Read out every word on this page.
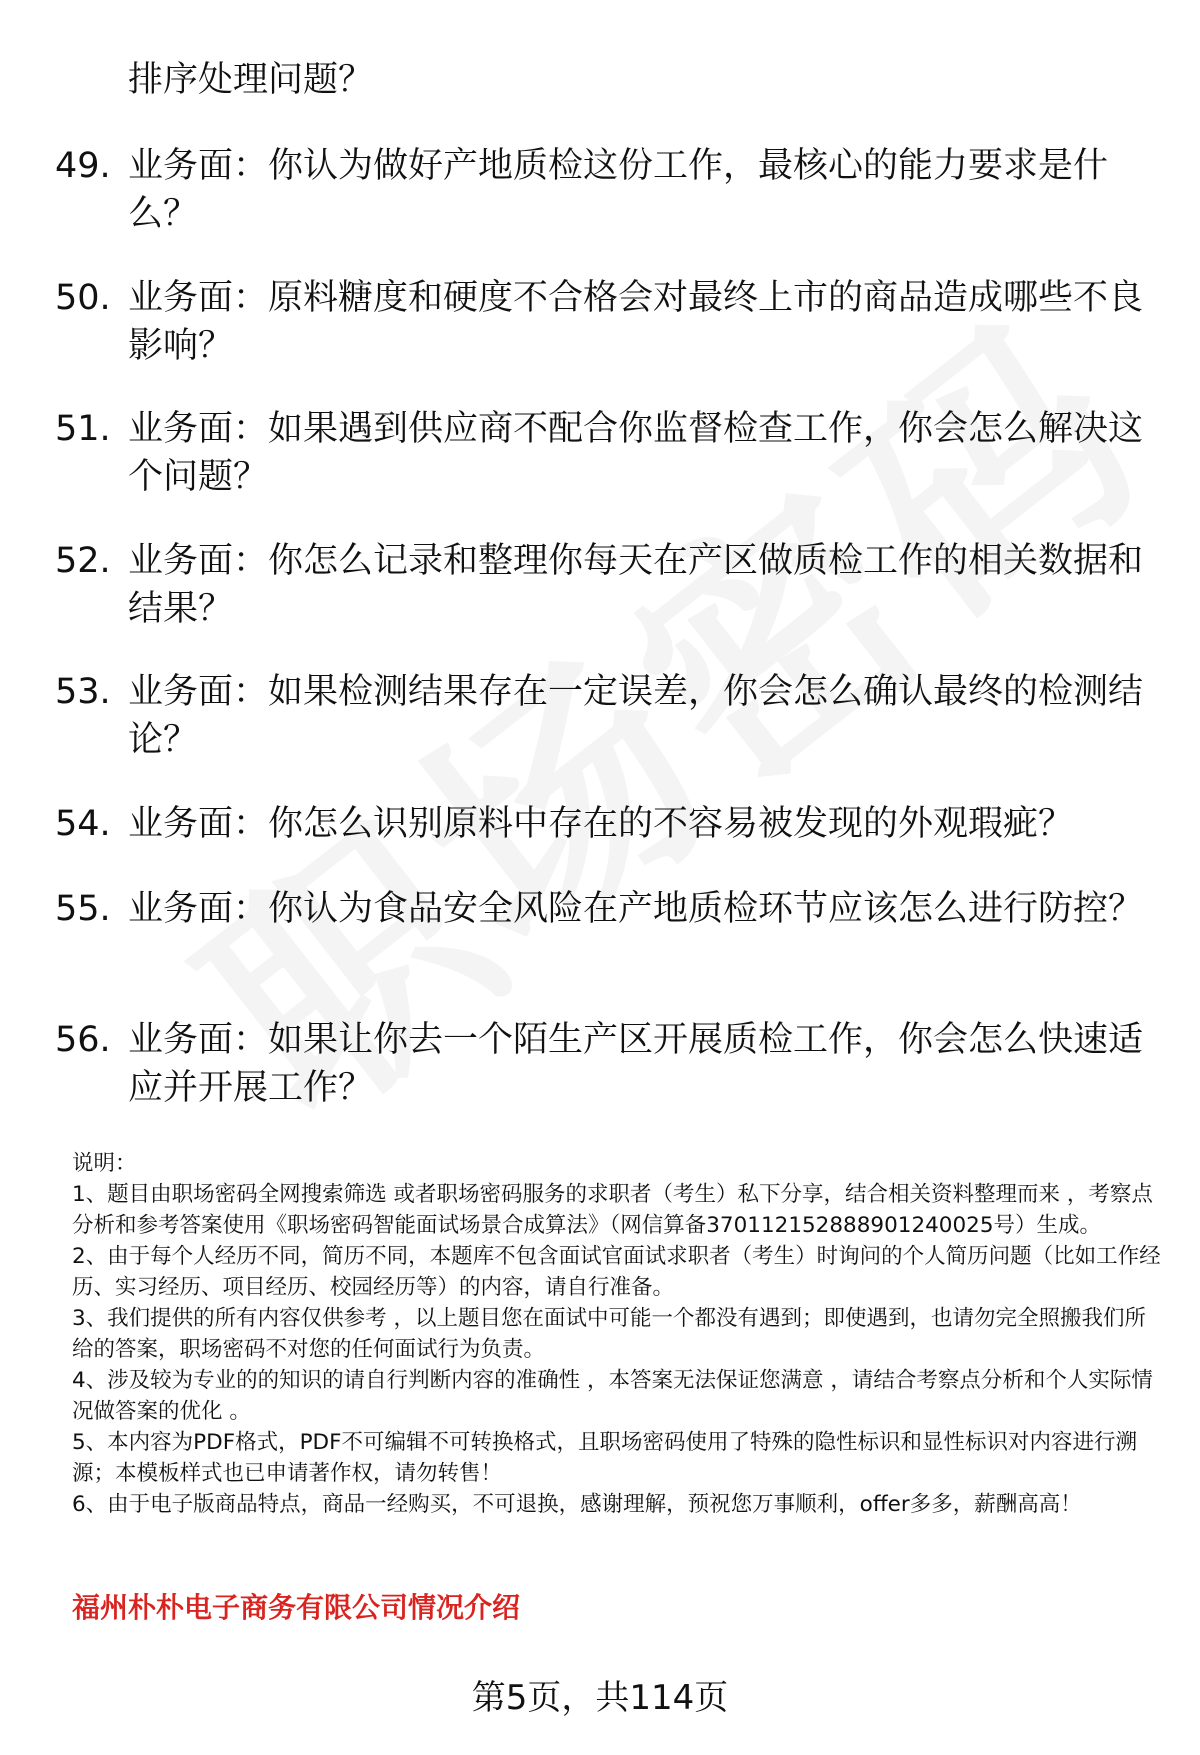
排序处理问题？

49. 业务面：你认为做好产地质检这份工作，最核心的能力要求是什么？
50. 业务面：原料糖度和硬度不合格会对最终上市的商品造成哪些不良影响？
51. 业务面：如果遇到供应商不配合你监督检查工作，你会怎么解决这个问题？
52. 业务面：你怎么记录和整理你每天在产区做质检工作的相关数据和结果？
53. 业务面：如果检测结果存在一定误差，你会怎么确认最终的检测结论？
54. 业务面：你怎么识别原料中存在的不容易被发现的外观瑕疵？
55. 业务面：你认为食品安全风险在产地质检环节应该怎么进行防控？
56. 业务面：如果让你去一个陌生产区开展质检工作，你会怎么快速适应并开展工作？

说明：

1、题目由职场密码全网搜索筛选 或者职场密码服务的求职者（考生）私下分享，结合相关资料整理而来 ，考察点分析和参考答案使用《职场密码智能面试场景合成算法》（网信算备370112152888901240025号）生成。

2、由于每个人经历不同，简历不同，本题库不包含面试官面试求职者（考生）时询问的个人简历问题（比如工作经历、实习经历、项目经历、校园经历等）的内容，请自行准备。

3、我们提供的所有内容仅供参考 ，以上题目您在面试中可能一个都没有遇到；即使遇到，也请勿完全照搬我们所给的答案，职场密码不对您的任何面试行为负责。

4、涉及较为专业的的知识的请自行判断内容的准确性 ，本答案无法保证您满意 ，请结合考察点分析和个人实际情况做答案的优化 。

5、本内容为PDF格式，PDF不可编辑不可转换格式，且职场密码使用了特殊的隐性标识和显性标识对内容进行溯源；本模板样式也已申请著作权，请勿转售！

6、由于电子版商品特点，商品一经购买，不可退换，感谢理解，预祝您万事顺利，offer多多，薪酬高高！

福州朴朴电子商务有限公司情况介绍
第5页，共114页
